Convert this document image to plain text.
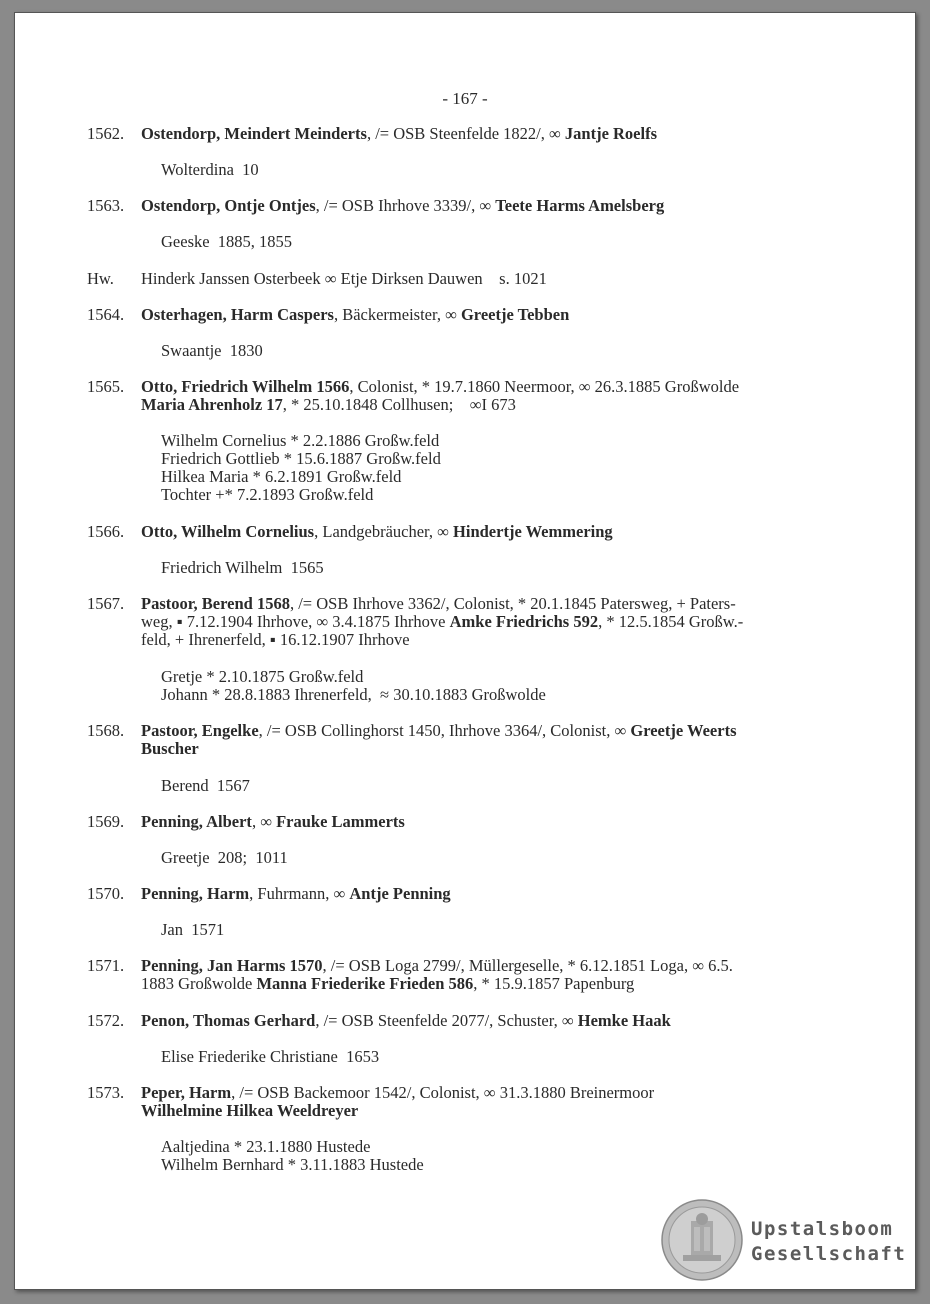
- 167 -
1562. Ostendorp, Meindert Meinderts, /= OSB Steenfelde 1822/, ∞ Jantje Roelfs
Wolterdina  10
1563. Ostendorp, Ontje Ontjes, /= OSB Ihrhove 3339/, ∞ Teete Harms Amelsberg
Geeske  1885, 1855
Hw. Hinderk Janssen Osterbeek ∞ Etje Dirksen Dauwen    s. 1021
1564. Osterhagen, Harm Caspers, Bäckermeister, ∞ Greetje Tebben
Swaantje  1830
1565. Otto, Friedrich Wilhelm 1566, Colonist, * 19.7.1860 Neermoor, ∞ 26.3.1885 Großwolde
Maria Ahrenholz 17, * 25.10.1848 Collhusen;    ∞I 673
Wilhelm Cornelius * 2.2.1886 Großw.feld
Friedrich Gottlieb * 15.6.1887 Großw.feld
Hilkea Maria * 6.2.1891 Großw.feld
Tochter +* 7.2.1893 Großw.feld
1566. Otto, Wilhelm Cornelius, Landgebräucher, ∞ Hindertje Wemmering
Friedrich Wilhelm  1565
1567. Pastoor, Berend 1568, /= OSB Ihrhove 3362/, Colonist, * 20.1.1845 Patersweg, + Paters-
weg, ▪ 7.12.1904 Ihrhove, ∞ 3.4.1875 Ihrhove Amke Friedrichs 592, * 12.5.1854 Großw.-
feld, + Ihrenerfeld, ▪ 16.12.1907 Ihrhove
Gretje * 2.10.1875 Großw.feld
Johann * 28.8.1883 Ihrenerfeld,  ≈ 30.10.1883 Großwolde
1568. Pastoor, Engelke, /= OSB Collinghorst 1450, Ihrhove 3364/, Colonist, ∞ Greetje Weerts
Buscher
Berend  1567
1569. Penning, Albert, ∞ Frauke Lammerts
Greetje  208;  1011
1570. Penning, Harm, Fuhrmann, ∞ Antje Penning
Jan  1571
1571. Penning, Jan Harms 1570, /= OSB Loga 2799/, Müllergeselle, * 6.12.1851 Loga, ∞ 6.5.
1883 Großwolde Manna Friederike Frieden 586, * 15.9.1857 Papenburg
1572. Penon, Thomas Gerhard, /= OSB Steenfelde 2077/, Schuster, ∞ Hemke Haak
Elise Friederike Christiane  1653
1573. Peper, Harm, /= OSB Backemoor 1542/, Colonist, ∞ 31.3.1880 Breinermoor
Wilhelmine Hilkea Weeldreyer
Aaltjedina * 23.1.1880 Hustede
Wilhelm Bernhard * 3.11.1883 Hustede
Upstalsboom
Gesellschaft
